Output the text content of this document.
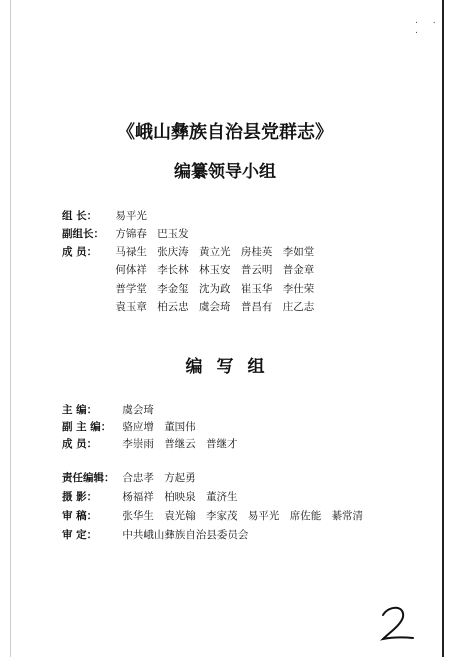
. . .
《峨山彝族自治县党群志》
编纂领导小组
组 长： 易平光
副组长： 方锦春 巴玉发
成 员： 马禄生 张庆涛 黄立光 房桂英 李如堂
何体祥 李长林 林玉安 普云明 普金章
普学堂 李金玺 沈为政 崔玉华 李仕荣
袁玉章 柏云忠 虞会琦 普昌有 庄乙志
编写组
主 编： 虞会琦
副 主 编： 骆应增 董国伟
成 员： 李崇雨 普继云 普继才
责任编辑： 合忠孝 方起勇
摄 影： 杨福祥 柏映泉 董济生
审 稿： 张华生 袁光翰 李家茂 易平光 席佐能 綦常清
审 定： 中共峨山彝族自治县委员会
